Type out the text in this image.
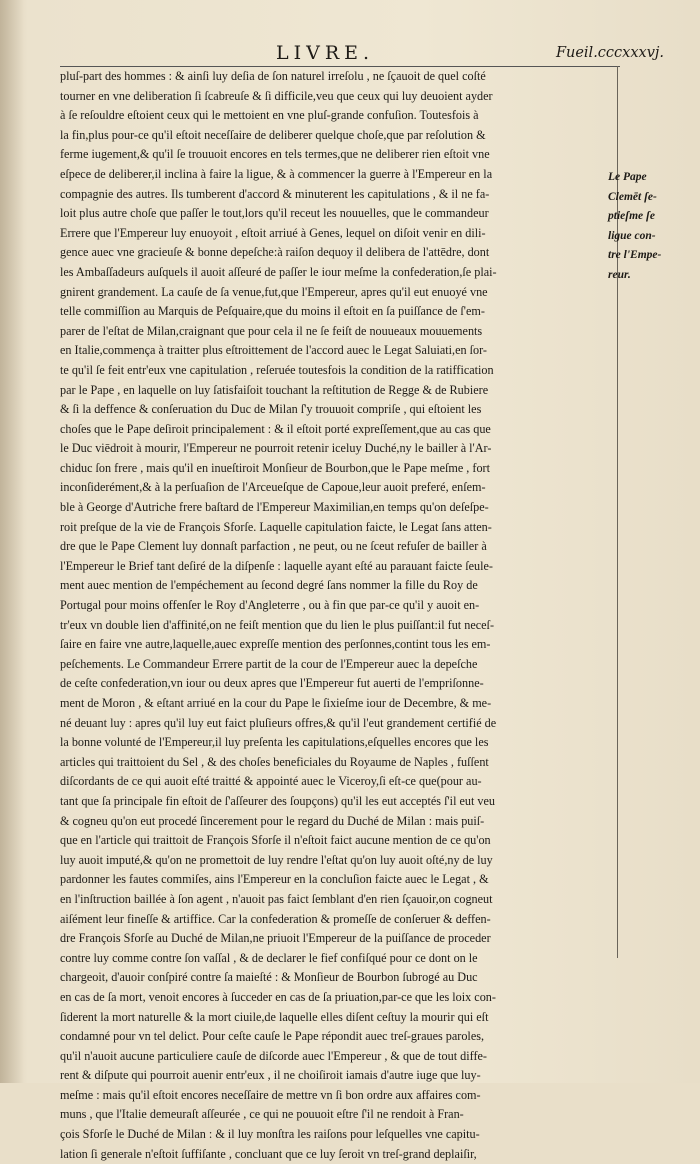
LIVRE.	Fueil.cccxxxvj.
pluſ-part des hommes : & ainſi luy deſia de ſon naturel irreſolu , ne ſçauoit de quel coſté
tourner en vne deliberation ſi ſcabreuſe & ſi difficile,veu que ceux qui luy deuoient ayder
à ſe reſouldre eſtoient ceux qui le mettoient en vne pluſ-grande confuſion. Toutesfois à
la fin,plus pour-ce qu'il eſtoit neceſſaire de deliberer quelque choſe,que par reſolution &
ferme iugement,& qu'il ſe trouuoit encores en tels termes,que ne deliberer rien eſtoit vne
eſpece de deliberer,il inclina à faire la ligue, & à commencer la guerre à l'Empereur en la
compagnie des autres. Ils tumberent d'accord & minuterent les capitulations , & il ne fa-
loit plus autre choſe que paſſer le tout,lors qu'il receut les nouuelles, que le commandeur
Errere que l'Empereur luy enuoyoit , eſtoit arriué à Genes, lequel on diſoit venir en dili-
gence auec vne gracieuſe & bonne depeſche:à raiſon dequoy il delibera de l'attēdre, dont
les Ambaſſadeurs auſquels il auoit aſſeuré de paſſer le iour meſme la confederation,ſe plai-
gnirent grandement. La cauſe de ſa venue,fut,que l'Empereur, apres qu'il eut enuoyé vne
telle commiſſion au Marquis de Peſquaire,que du moins il eſtoit en ſa puiſſance de ſ'em-
parer de l'eſtat de Milan,craignant que pour cela il ne ſe feiſt de nouueaux mouuements
en Italie,commença à traitter plus eſtroittement de l'accord auec le Legat Saluiati,en ſor-
te qu'il ſe feit entr'eux vne capitulation , reſeruée toutesfois la condition de la ratiffication
par le Pape , en laquelle on luy ſatisfaiſoit touchant la reſtitution de Regge & de Rubiere
& ſi la deffence & conſeruation du Duc de Milan ſ'y trouuoit compriſe , qui eſtoient les
choſes que le Pape deſiroit principalement : & il eſtoit porté expreſſement,que au cas que
le Duc viēdroit à mourir, l'Empereur ne pourroit retenir iceluy Duché,ny le bailler à l'Ar-
chiduc ſon frere , mais qu'il en inueſtiroit Monſieur de Bourbon,que le Pape meſme , fort
inconſiderément,& à la perſuaſion de l'Arceueſque de Capoue,leur auoit preferé, enſem-
ble à George d'Autriche frere baſtard de l'Empereur Maximilian,en temps qu'on deſeſpe-
roit preſque de la vie de François Sforſe. Laquelle capitulation faicte, le Legat ſans atten-
dre que le Pape Clement luy donnaſt parfaction , ne peut, ou ne ſceut refuſer de bailler à
l'Empereur le Brief tant deſiré de la diſpenſe : laquelle ayant eſté au parauant faicte ſeule-
ment auec mention de l'empéchement au ſecond degré ſans nommer la fille du Roy de
Portugal pour moins offenſer le Roy d'Angleterre , ou à fin que par-ce qu'il y auoit en-
tr'eux vn double lien d'affinité,on ne feiſt mention que du lien le plus puiſſant:il fut neceſ-
ſaire en faire vne autre,laquelle,auec expreſſe mention des perſonnes,contint tous les em-
peſchements. Le Commandeur Errere partit de la cour de l'Empereur auec la depeſche
de ceſte confederation,vn iour ou deux apres que l'Empereur fut auerti de l'empriſonne-
ment de Moron , & eſtant arriué en la cour du Pape le ſixieſme iour de Decembre, & me-
né deuant luy : apres qu'il luy eut faict pluſieurs offres,& qu'il l'eut grandement certifié de
la bonne volunté de l'Empereur,il luy preſenta les capitulations,eſquelles encores que les
articles qui traittoient du Sel , & des choſes beneficiales du Royaume de Naples , fuſſent
diſcordants de ce qui auoit eſté traitté & appointé auec le Viceroy,ſi eſt-ce que(pour au-
tant que ſa principale fin eſtoit de ſ'aſſeurer des ſoupçons) qu'il les eut acceptés ſ'il eut veu
& cogneu qu'on eut procedé ſincerement pour le regard du Duché de Milan : mais puiſ-
que en l'article qui traittoit de François Sforſe il n'eſtoit faict aucune mention de ce qu'on
luy auoit imputé,& qu'on ne promettoit de luy rendre l'eſtat qu'on luy auoit oſté,ny de luy
pardonner les fautes commiſes, ains l'Empereur en la concluſion faicte auec le Legat , &
en l'inſtruction baillée à ſon agent , n'auoit pas faict ſemblant d'en rien ſçauoir,on cogneut
aiſément leur fineſſe & artiffice. Car la confederation & promeſſe de conſeruer & deffen-
dre François Sforſe au Duché de Milan,ne priuoit l'Empereur de la puiſſance de proceder
contre luy comme contre ſon vaſſal , & de declarer le fief confiſqué pour ce dont on le
chargeoit, d'auoir conſpiré contre ſa maieſté : & Monſieur de Bourbon ſubrogé au Duc
en cas de ſa mort, venoit encores à ſucceder en cas de ſa priuation,par-ce que les loix con-
ſiderent la mort naturelle & la mort ciuile,de laquelle elles diſent ceſtuy la mourir qui eſt
condamné pour vn tel delict. Pour ceſte cauſe le Pape répondit auec treſ-graues paroles,
qu'il n'auoit aucune particuliere cauſe de diſcorde auec l'Empereur , & que de tout diffe-
rent & diſpute qui pourroit auenir entr'eux , il ne choiſiroit iamais d'autre iuge que luy-
meſme : mais qu'il eſtoit encores neceſſaire de mettre vn ſi bon ordre aux affaires com-
muns , que l'Italie demeuraſt aſſeurée , ce qui ne pouuoit eſtre ſ'il ne rendoit à Fran-
çois Sforſe le Duché de Milan : & il luy monſtra les raiſons pour leſquelles vne capitu-
lation ſi generale n'eſtoit ſuffiſante , concluant que ce luy ſeroit vn treſ-grand deplaiſir,
Le Pape
Clemēt ſe-
ptieſme ſe
ligue con-
tre l'Empe-
reur.
